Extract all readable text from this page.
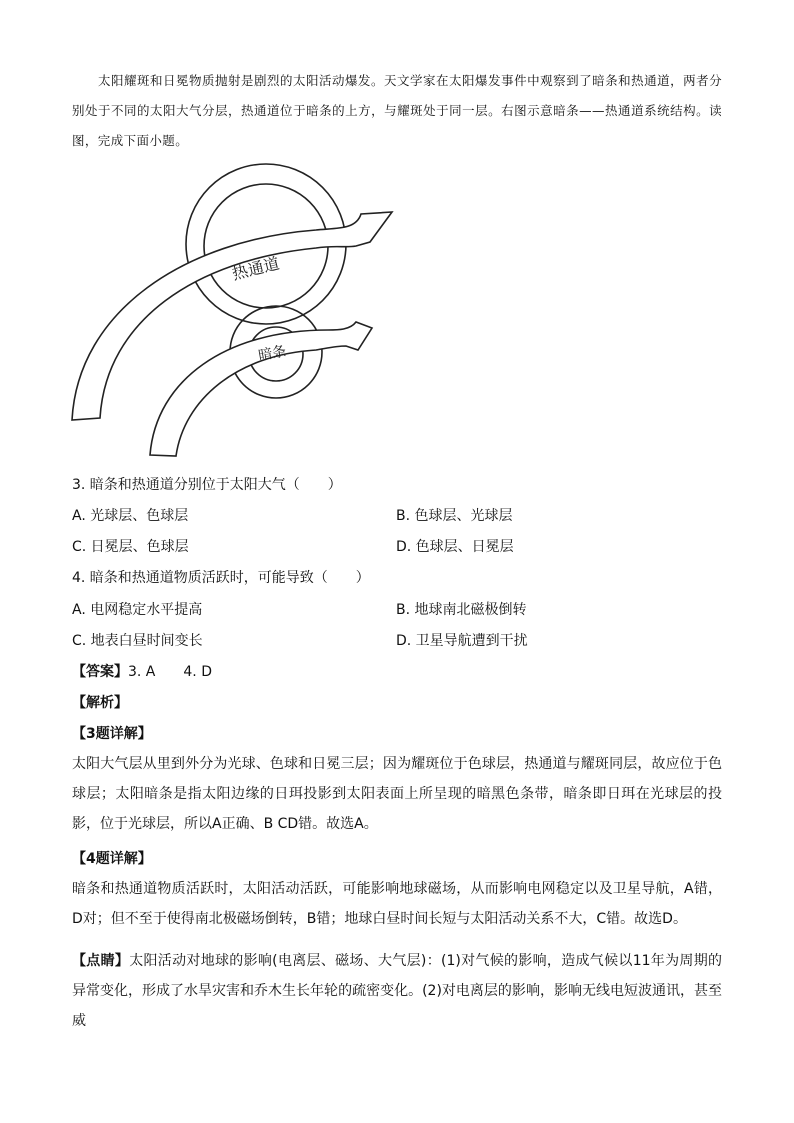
太阳耀斑和日冕物质抛射是剧烈的太阳活动爆发。天文学家在太阳爆发事件中观察到了暗条和热通道，两者分别处于不同的太阳大气分层，热通道位于暗条的上方，与耀斑处于同一层。右图示意暗条——热通道系统结构。读图，完成下面小题。

热通道
暗条
3. 暗条和热通道分别位于太阳大气（　　）
A. 光球层、色球层	B. 色球层、光球层
C. 日冕层、色球层	D. 色球层、日冕层
4. 暗条和热通道物质活跃时，可能导致（　　）
A. 电网稳定水平提高	B. 地球南北磁极倒转
C. 地表白昼时间变长	D. 卫星导航遭到干扰
【答案】3. A　　4. D
【解析】
【3题详解】
太阳大气层从里到外分为光球、色球和日冕三层；因为耀斑位于色球层，热通道与耀斑同层，故应位于色球层；太阳暗条是指太阳边缘的日珥投影到太阳表面上所呈现的暗黑色条带，暗条即日珥在光球层的投影，位于光球层，所以A正确、B CD错。故选A。
【4题详解】
暗条和热通道物质活跃时，太阳活动活跃，可能影响地球磁场，从而影响电网稳定以及卫星导航，A错，D对；但不至于使得南北极磁场倒转，B错；地球白昼时间长短与太阳活动关系不大，C错。故选D。
【点睛】太阳活动对地球的影响(电离层、磁场、大气层)：(1)对气候的影响，造成气候以11年为周期的异常变化，形成了水旱灾害和乔木生长年轮的疏密变化。(2)对电离层的影响，影响无线电短波通讯，甚至威
